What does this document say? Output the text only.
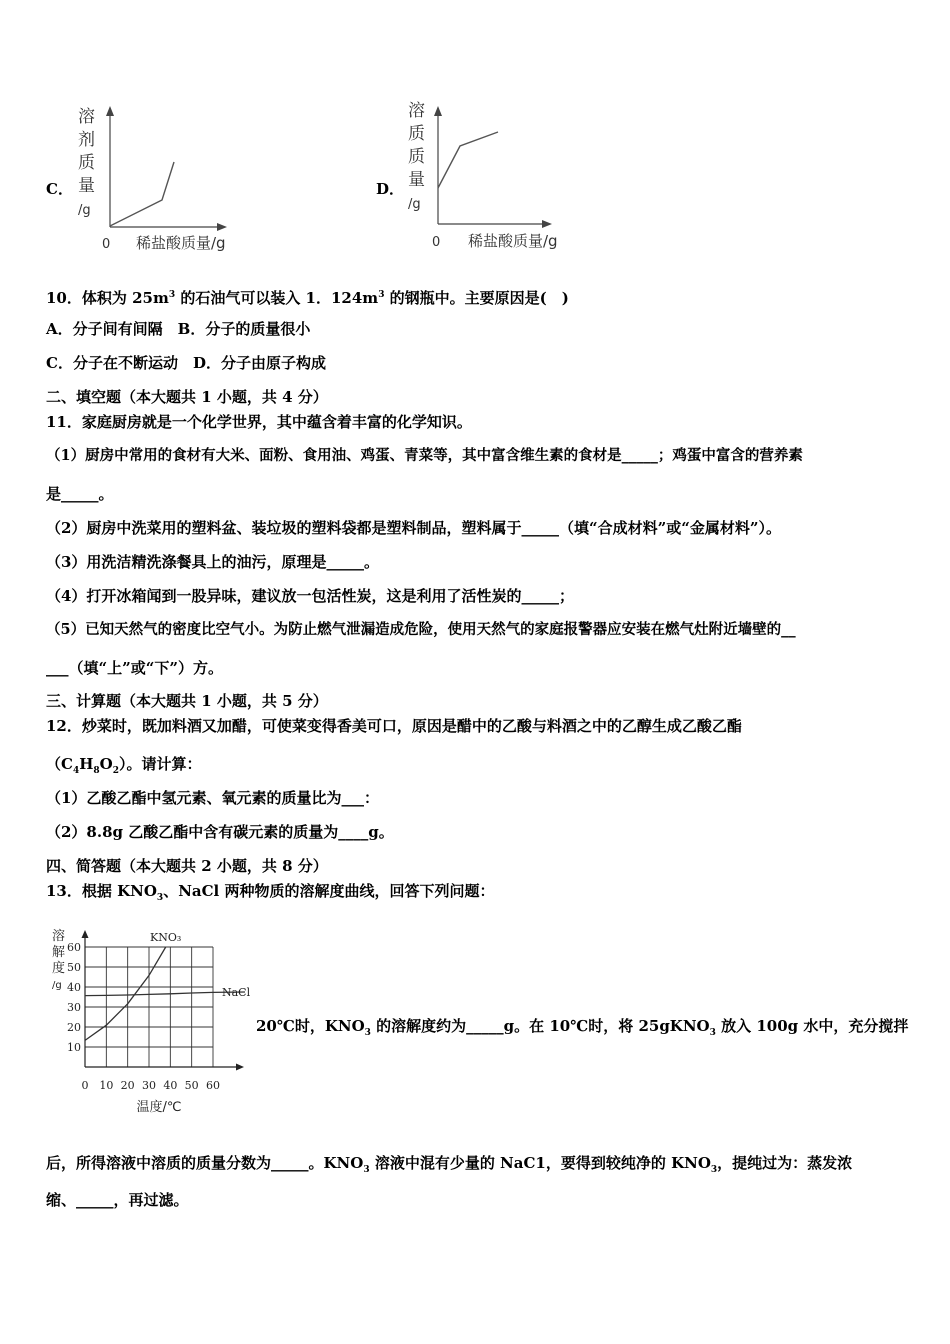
C．
溶
剂
质
量
/g
0 稀盐酸质量/g
D．
溶
质
质
量
/g
0 稀盐酸质量/g
10．体积为 $25m^3$ 的石油气可以装入 1．$124m^3$ 的钢瓶中。主要原因是(　)
A．分子间有间隔　B．分子的质量很小
C．分子在不断运动　D．分子由原子构成
二、填空题（本大题共 1 小题，共 4 分）
11．家庭厨房就是一个化学世界，其中蕴含着丰富的化学知识。
（1）厨房中常用的食材有大米、面粉、食用油、鸡蛋、青菜等，其中富含维生素的食材是_____；鸡蛋中富含的营养素
是_____。
（2）厨房中洗菜用的塑料盆、装垃圾的塑料袋都是塑料制品，塑料属于_____（填“合成材料”或“金属材料”）。
（3）用洗洁精洗涤餐具上的油污，原理是_____。
（4）打开冰箱闻到一股异味，建议放一包活性炭，这是利用了活性炭的_____；
（5）已知天然气的密度比空气小。为防止燃气泄漏造成危险，使用天然气的家庭报警器应安装在燃气灶附近墙壁的__
___（填“上”或“下”）方。
三、计算题（本大题共 1 小题，共 5 分）
12．炒菜时，既加料酒又加醋，可使菜变得香美可口，原因是醋中的乙酸与料酒之中的乙醇生成乙酸乙酯
$(C_4H_8O_2)$。请计算：
（1）乙酸乙酯中氢元素、氧元素的质量比为___：
（2）8.8g 乙酸乙酯中含有碳元素的质量为____g。
四、简答题（本大题共 2 小题，共 8 分）
13．根据 $KNO_3$、NaCl 两种物质的溶解度曲线，回答下列问题：
10
20
30
40
50
60
0 10 20 30 40 50 60
溶
解
度
/g
温度/℃
KNO₃
NaCl
20℃时，$KNO_3$ 的溶解度约为_____g。在 10℃时，将 25gKNO$_3$ 放入 100g 水中，充分搅拌
后，所得溶液中溶质的质量分数为_____。$KNO_3$ 溶液中混有少量的 NaC1，要得到较纯净的 $KNO_3$，提纯过为：蒸发浓
缩、_____，再过滤。
